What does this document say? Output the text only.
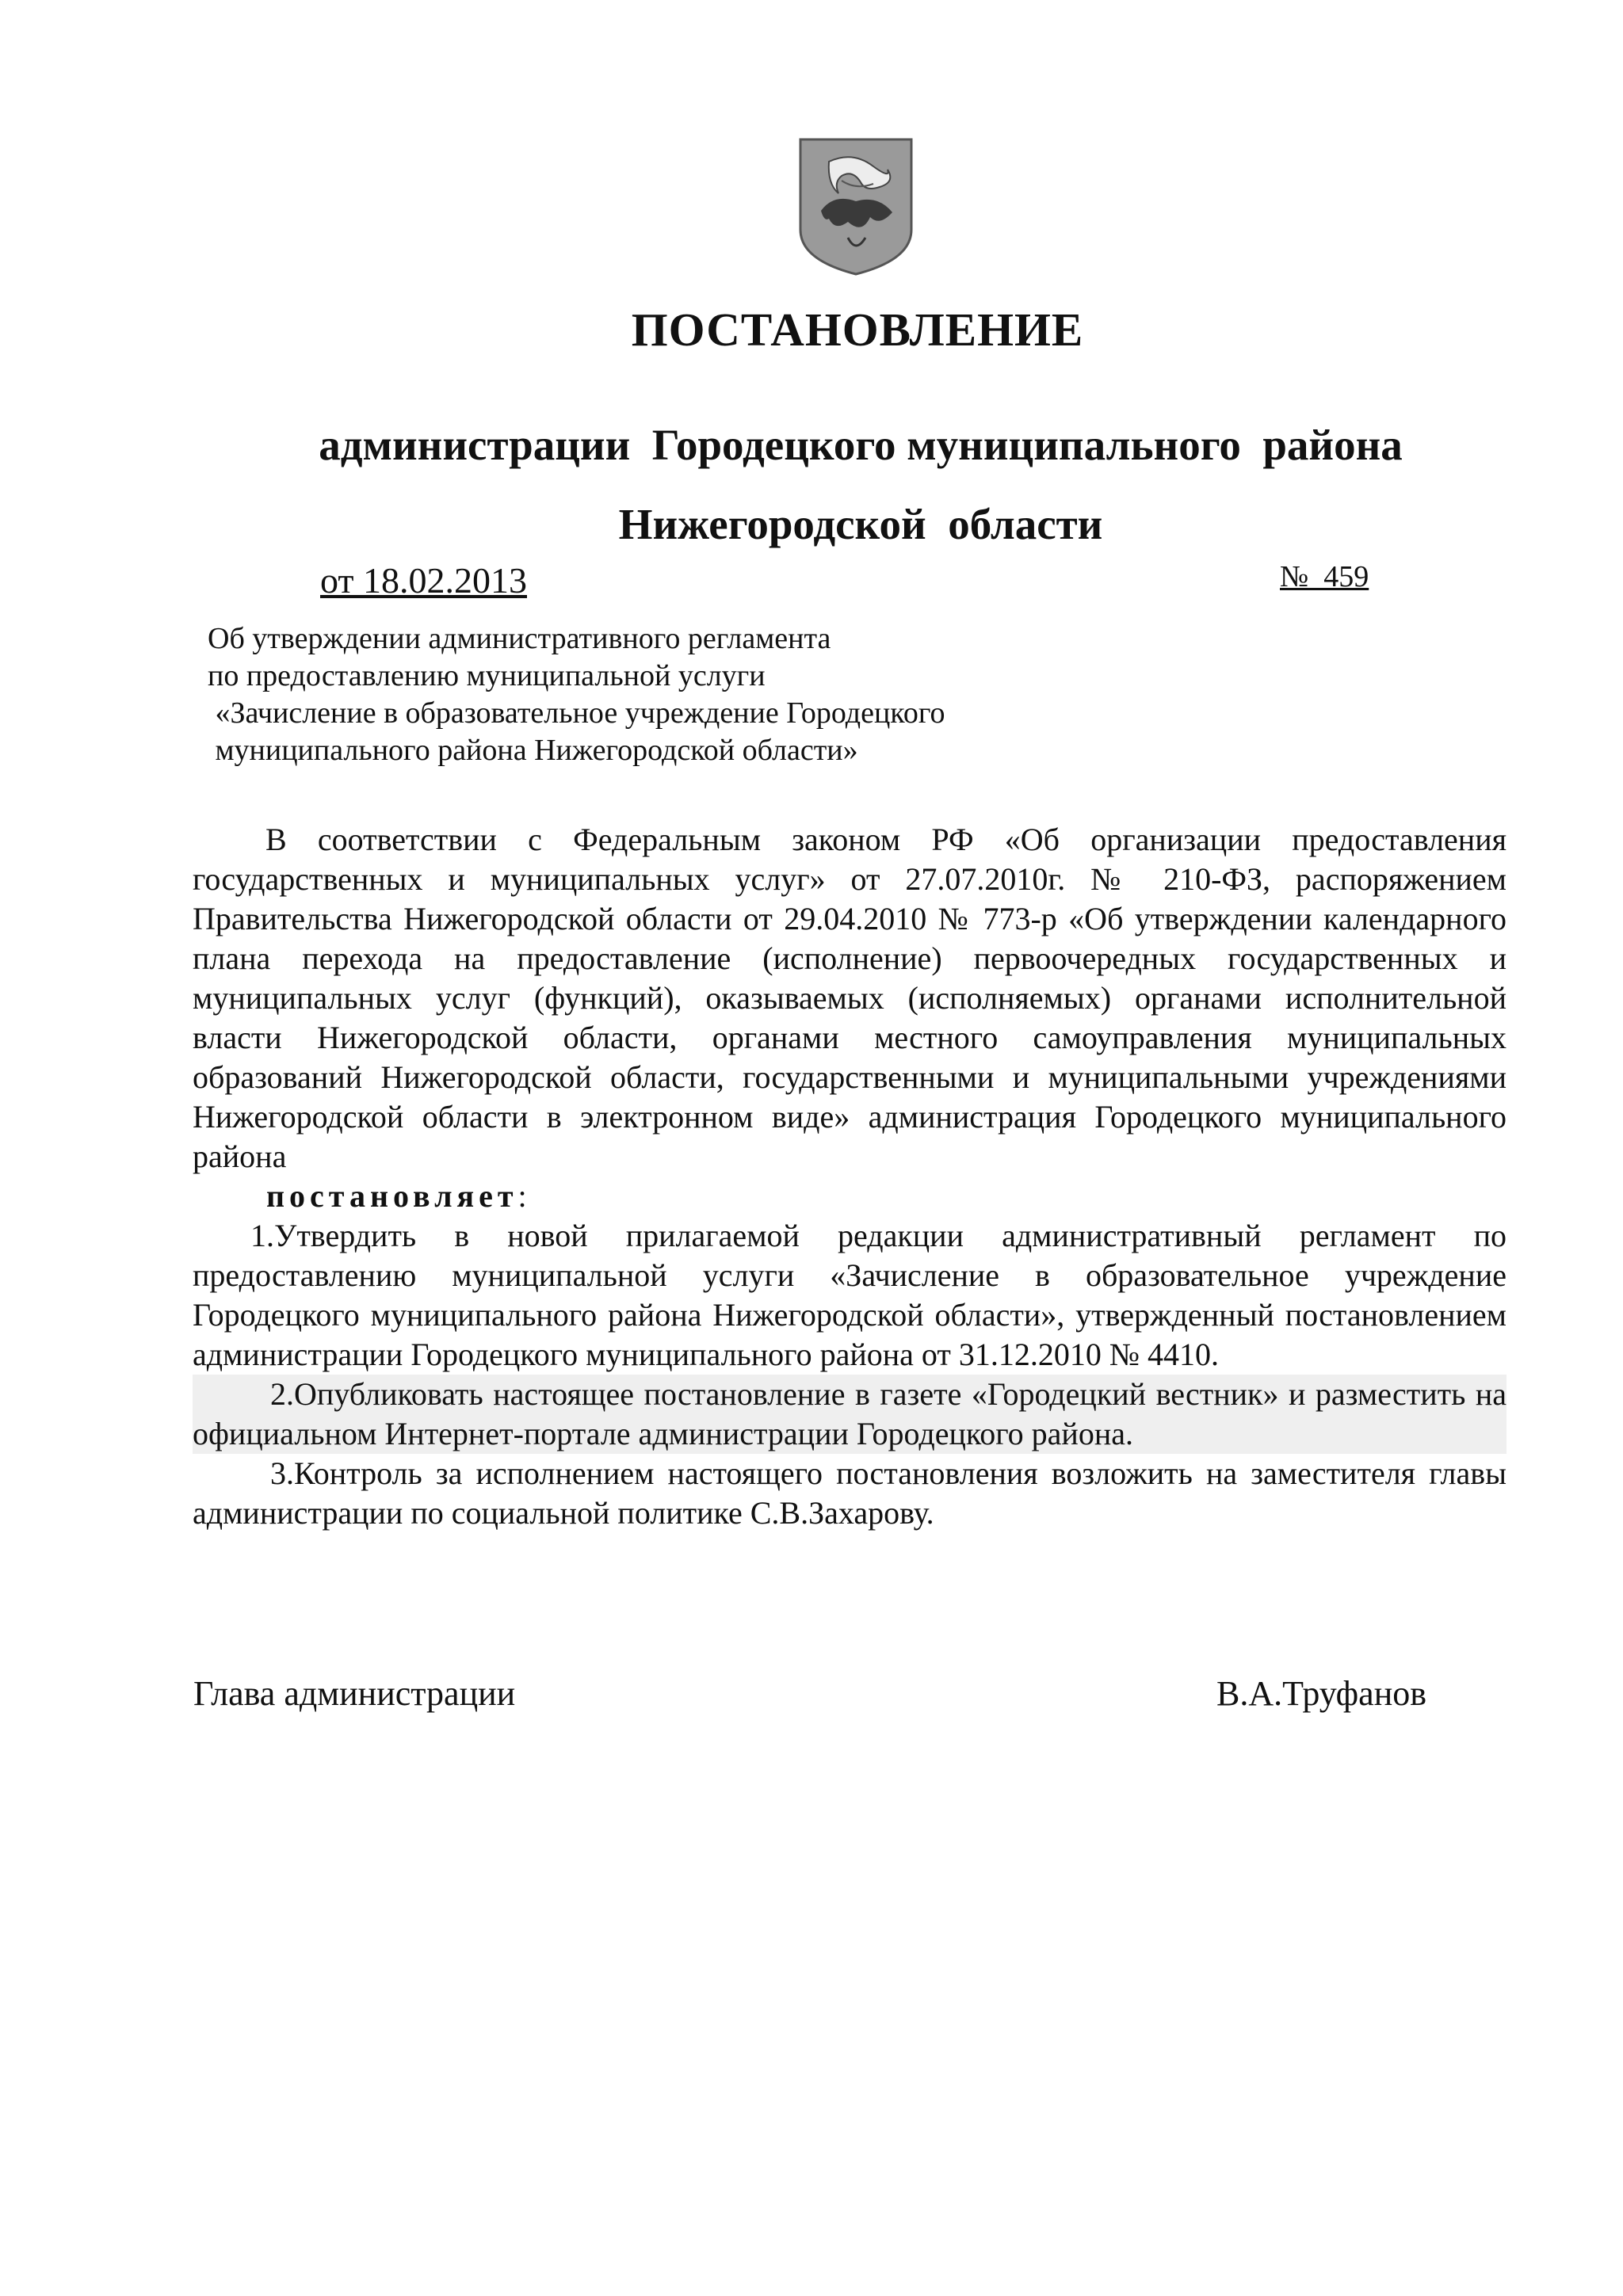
ПОСТАНОВЛЕНИЕ
администрации  Городецкого муниципального  района
Нижегородской  области
от 18.02.2013	№  459
Об утверждении административного регламента
по предоставлению муниципальной услуги
«Зачисление в образовательное учреждение Городецкого
муниципального района Нижегородской области»

В соответствии с Федеральным законом РФ «Об организации предоставления государственных и муниципальных услуг» от 27.07.2010г. № 210-ФЗ, распоряжением Правительства Нижегородской области от 29.04.2010 № 773-р «Об утверждении календарного плана перехода на предоставление (исполнение) первоочередных государственных и муниципальных услуг (функций), оказываемых (исполняемых) органами исполнительной власти Нижегородской области, органами местного самоуправления муниципальных образований Нижегородской области, государственными и муниципальными учреждениями Нижегородской области в электронном виде» администрация Городецкого муниципального района

постановляет:

1.Утвердить в новой прилагаемой редакции административный регламент по предоставлению муниципальной услуги «Зачисление в образовательное учреждение Городецкого муниципального района Нижегородской области», утвержденный постановлением администрации Городецкого муниципального района от 31.12.2010 № 4410.

2.Опубликовать настоящее постановление в газете «Городецкий вестник» и разместить на официальном Интернет-портале администрации Городецкого района.

3.Контроль за исполнением настоящего постановления возложить на заместителя главы администрации по социальной политике С.В.Захарову.

Глава администрации	В.А.Труфанов
